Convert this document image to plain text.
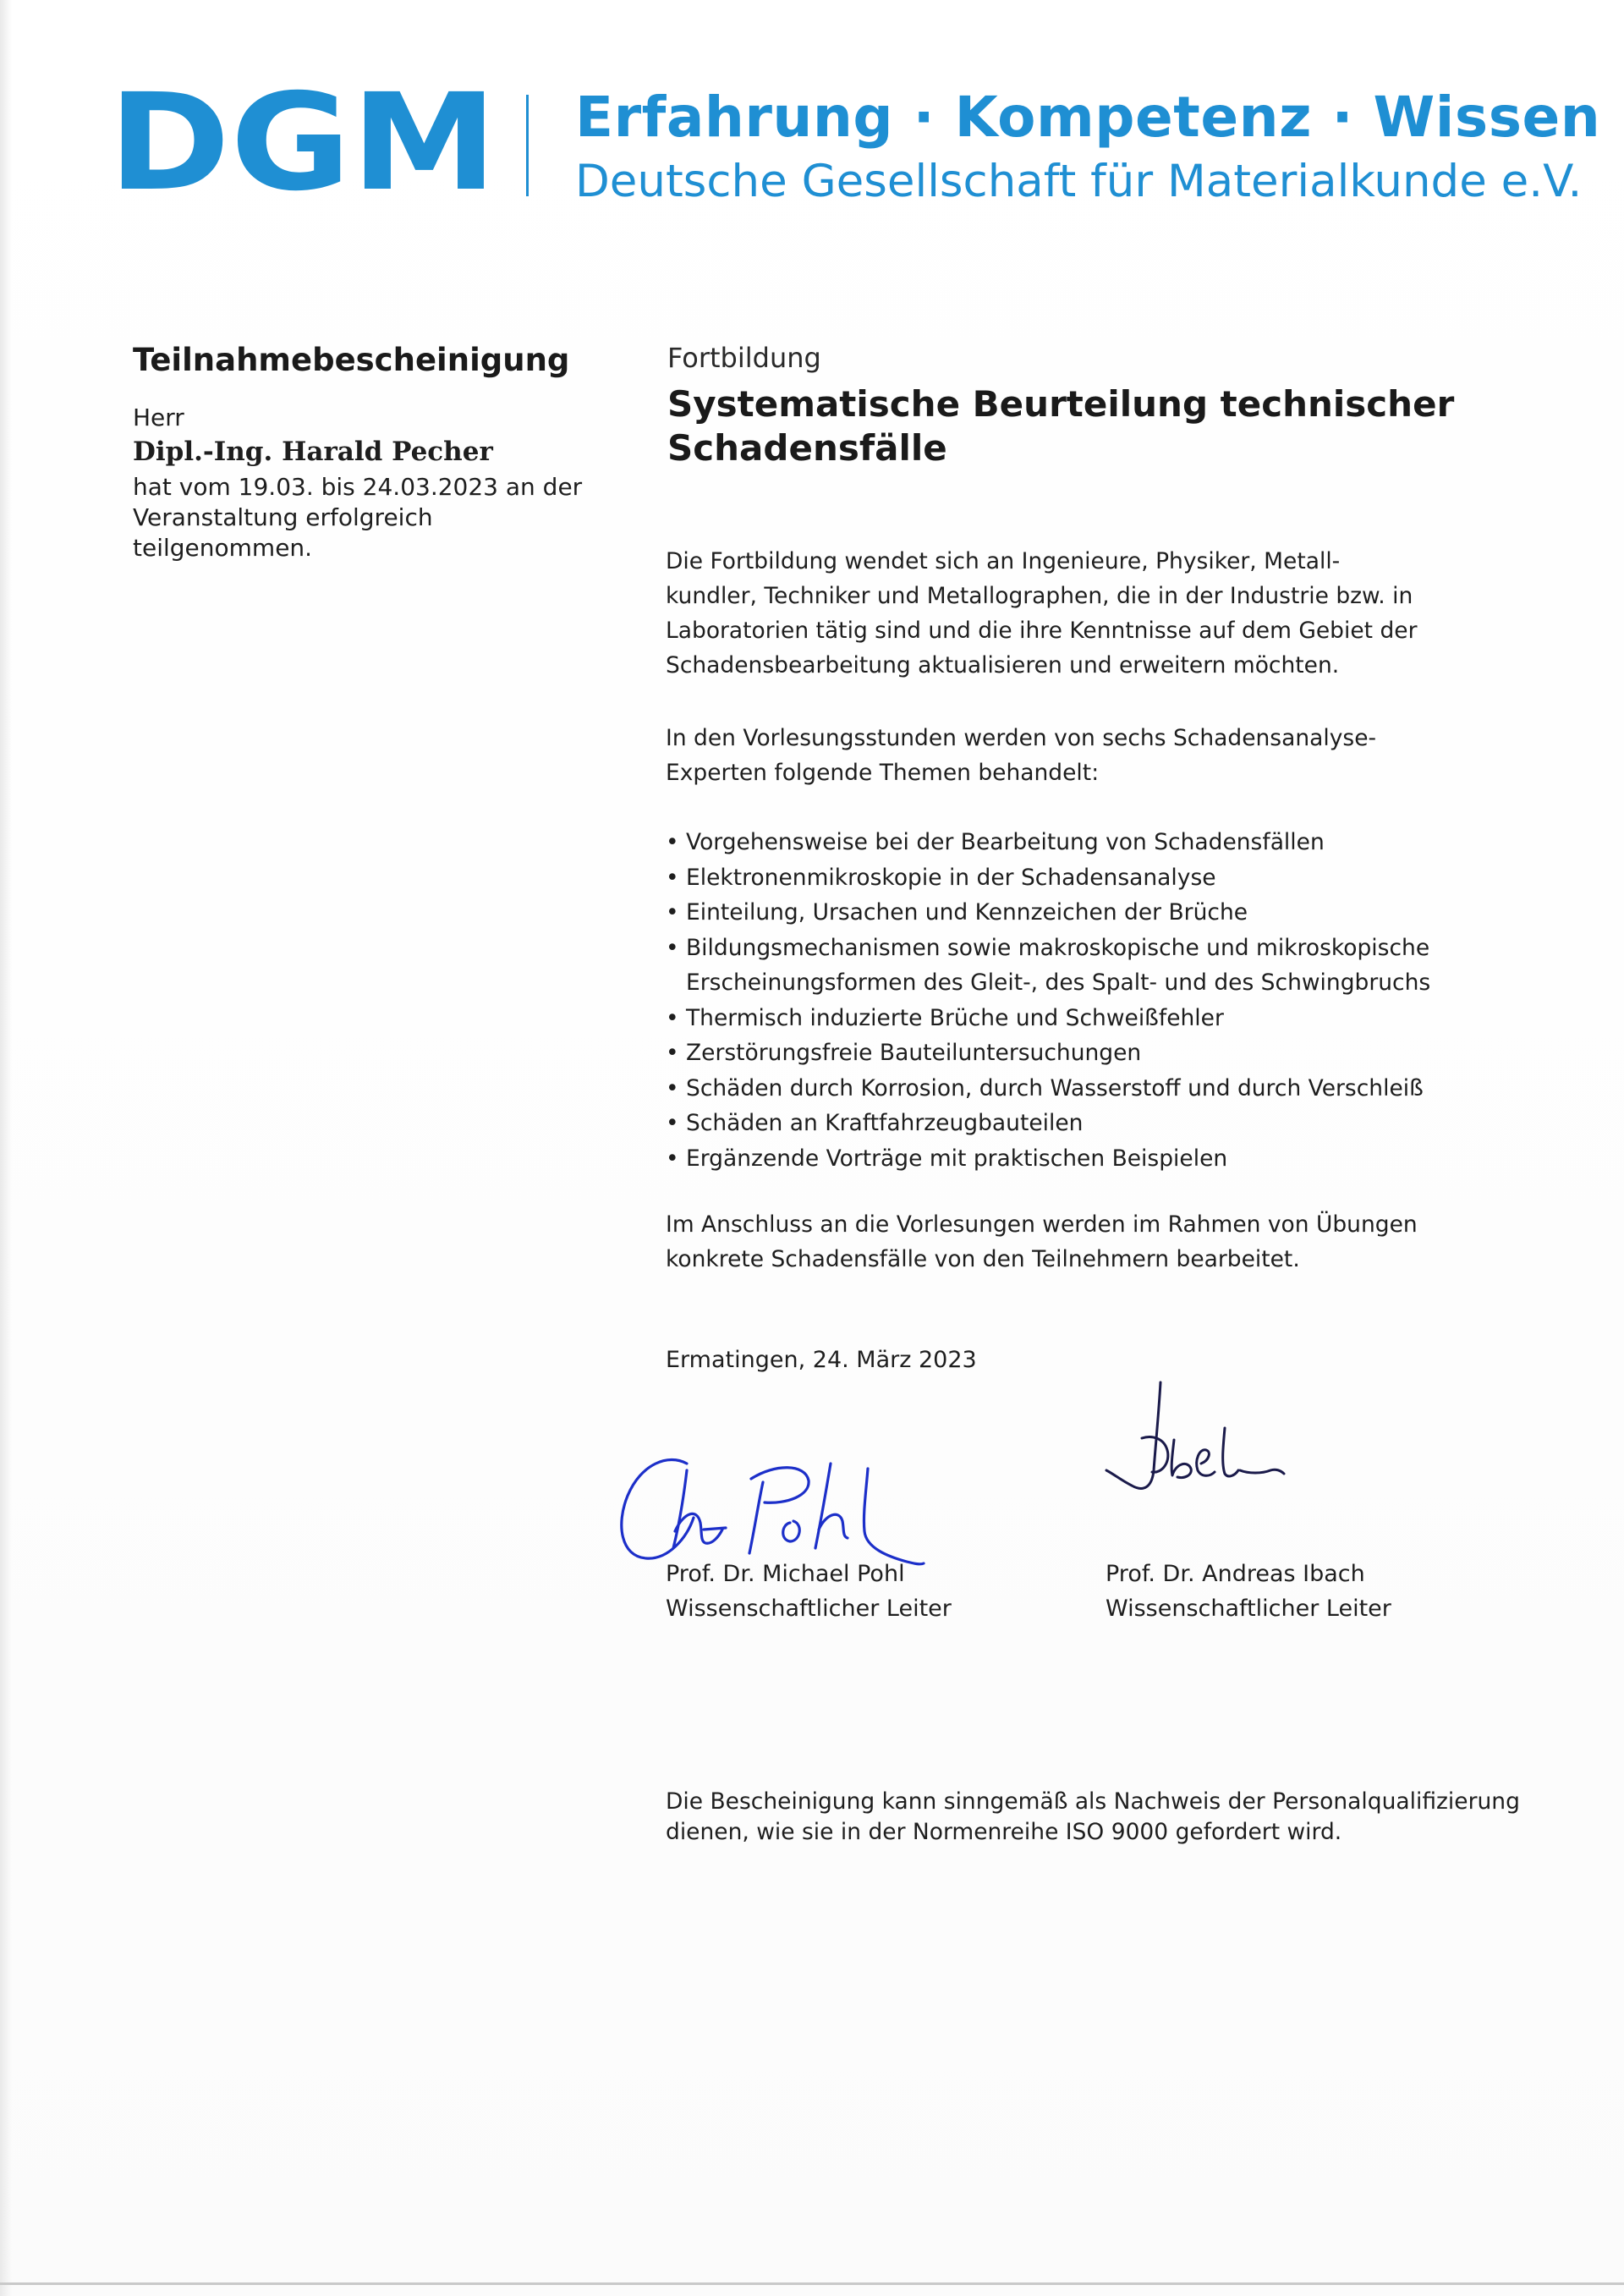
DGM Erfahrung · Kompetenz · Wissen
Deutsche Gesellschaft für Materialkunde e.V.

Teilnahmebescheinigung

Herr

Dipl.-Ing. Harald Pecher

hat vom 19.03. bis 24.03.2023 an der
Veranstaltung erfolgreich teilgenommen.

Fortbildung

Systematische Beurteilung technischer
Schadensfälle

Die Fortbildung wendet sich an Ingenieure, Physiker, Metall-
kundler, Techniker und Metallographen, die in der Industrie bzw. in
Laboratorien tätig sind und die ihre Kenntnisse auf dem Gebiet der
Schadensbearbeitung aktualisieren und erweitern möchten.

In den Vorlesungsstunden werden von sechs Schadensanalyse-
Experten folgende Themen behandelt:

• Vorgehensweise bei der Bearbeitung von Schadensfällen
• Elektronenmikroskopie in der Schadensanalyse
• Einteilung, Ursachen und Kennzeichen der Brüche
• Bildungsmechanismen sowie makroskopische und mikroskopische
Erscheinungsformen des Gleit-, des Spalt- und des Schwingbruchs
• Thermisch induzierte Brüche und Schweißfehler
• Zerstörungsfreie Bauteiluntersuchungen
• Schäden durch Korrosion, durch Wasserstoff und durch Verschleiß
• Schäden an Kraftfahrzeugbauteilen
• Ergänzende Vorträge mit praktischen Beispielen

Im Anschluss an die Vorlesungen werden im Rahmen von Übungen
konkrete Schadensfälle von den Teilnehmern bearbeitet.

Ermatingen, 24. März 2023

Prof. Dr. Michael Pohl
Wissenschaftlicher Leiter
Prof. Dr. Andreas Ibach
Wissenschaftlicher Leiter

Die Bescheinigung kann sinngemäß als Nachweis der Personalqualifizierung
dienen, wie sie in der Normenreihe ISO 9000 gefordert wird.
